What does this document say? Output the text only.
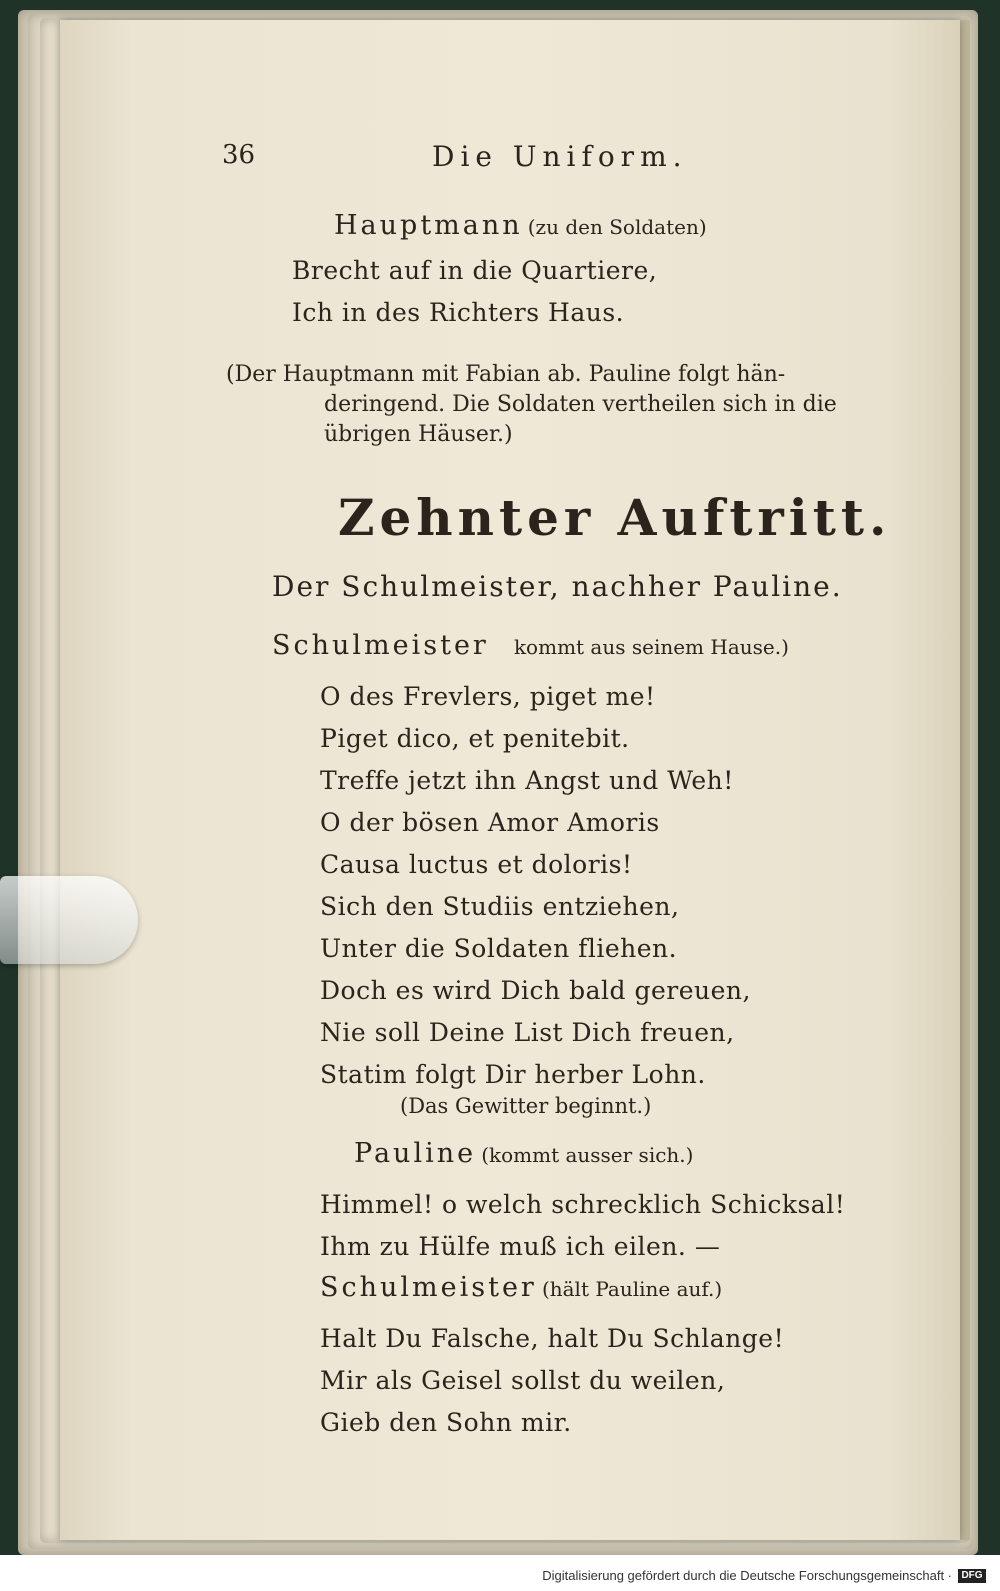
36	Die Uniform.

Hauptmann (zu den Soldaten)

Brecht auf in die Quartiere,
Ich in des Richters Haus.
(Der Hauptmann mit Fabian ab. Pauline folgt hän-
deringend. Die Soldaten vertheilen sich in die
übrigen Häuser.)
Zehnter Auftritt.

Der Schulmeister, nachher Pauline.

Schulmeister kommt aus seinem Hause.)

O des Frevlers, piget me!
Piget dico, et penitebit.
Treffe jetzt ihn Angst und Weh!
O der bösen Amor Amoris
Causa luctus et doloris!
Sich den Studiis entziehen,
Unter die Soldaten fliehen.
Doch es wird Dich bald gereuen,
Nie soll Deine List Dich freuen,
Statim folgt Dir herber Lohn.

(Das Gewitter beginnt.)

Pauline (kommt ausser sich.)

Himmel! o welch schrecklich Schicksal!
Ihm zu Hülfe muß ich eilen. —

Schulmeister (hält Pauline auf.)

Halt Du Falsche, halt Du Schlange!
Mir als Geisel sollst du weilen,
Gieb den Sohn mir.
Digitalisierung gefördert durch die Deutsche Forschungsgemeinschaft · DFG
